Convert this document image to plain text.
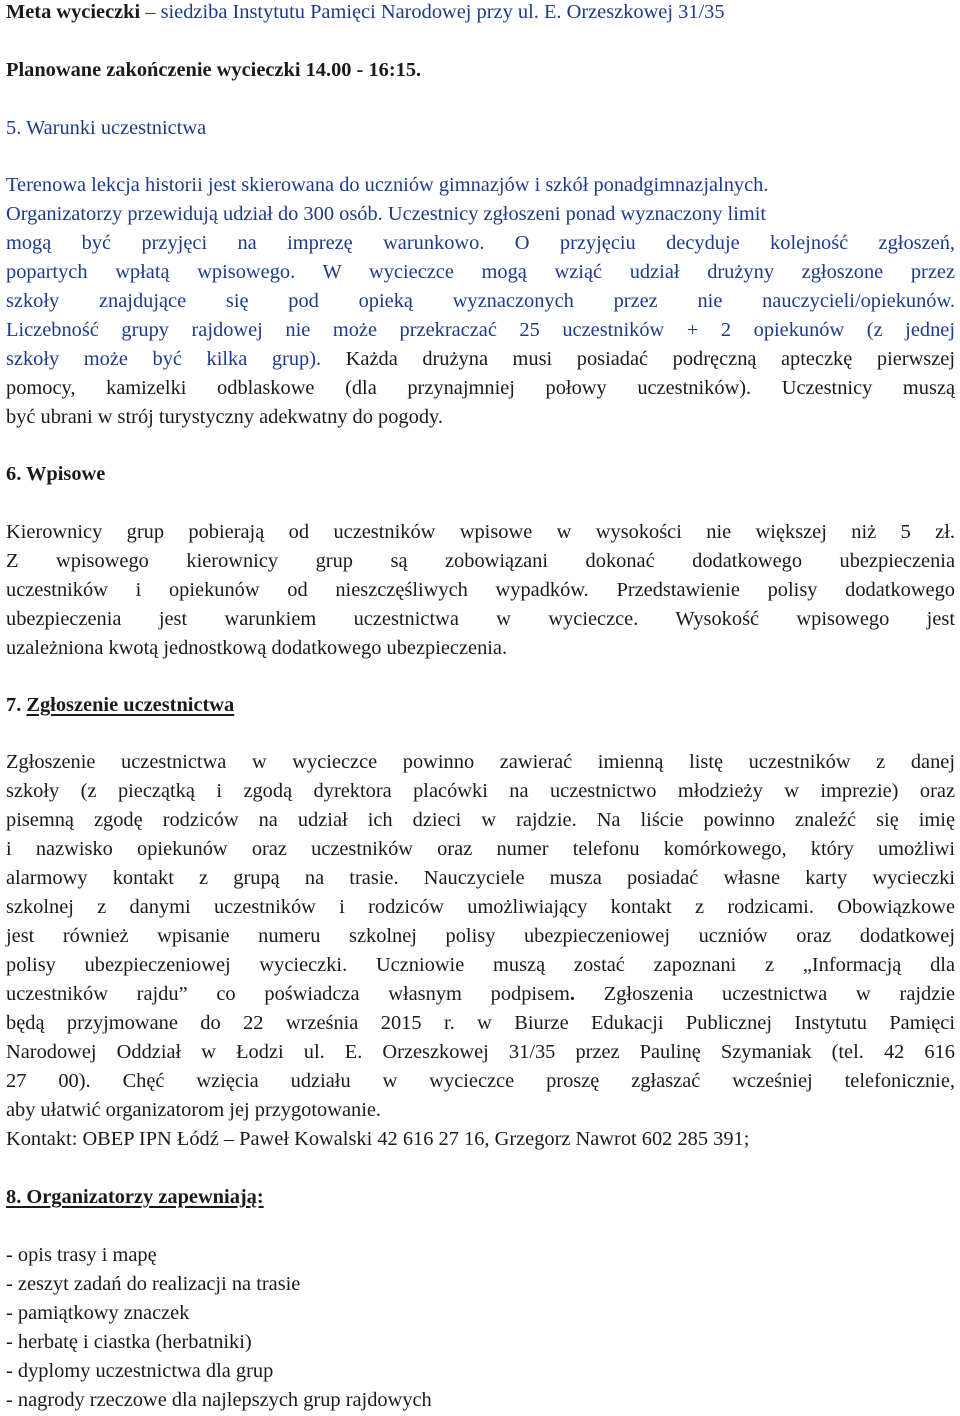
Meta wycieczki – siedziba Instytutu Pamięci Narodowej przy ul. E. Orzeszkowej 31/35
Planowane zakończenie wycieczki 14.00 - 16:15.
5. Warunki uczestnictwa
Terenowa lekcja historii jest skierowana do uczniów gimnazjów i szkół ponadgimnazjalnych.
Organizatorzy przewidują udział do 300 osób. Uczestnicy zgłoszeni ponad wyznaczony limit
mogą być przyjęci na imprezę warunkowo. O przyjęciu decyduje kolejność zgłoszeń,
popartych wpłatą wpisowego. W wycieczce mogą wziąć udział drużyny zgłoszone przez
szkoły znajdujące się pod opieką wyznaczonych przez nie nauczycieli/opiekunów.
Liczebność grupy rajdowej nie może przekraczać 25 uczestników + 2 opiekunów (z jednej
szkoły może być kilka grup). Każda drużyna musi posiadać podręczną apteczkę pierwszej
pomocy, kamizelki odblaskowe (dla przynajmniej połowy uczestników). Uczestnicy muszą
być ubrani w strój turystyczny adekwatny do pogody.
6. Wpisowe
Kierownicy grup pobierają od uczestników wpisowe w wysokości nie większej niż 5 zł.
Z wpisowego kierownicy grup są zobowiązani dokonać dodatkowego ubezpieczenia
uczestników i opiekunów od nieszczęśliwych wypadków. Przedstawienie polisy dodatkowego
ubezpieczenia jest warunkiem uczestnictwa w wycieczce. Wysokość wpisowego jest
uzależniona kwotą jednostkową dodatkowego ubezpieczenia.
7. Zgłoszenie uczestnictwa
Zgłoszenie uczestnictwa w wycieczce powinno zawierać imienną listę uczestników z danej
szkoły (z pieczątką i zgodą dyrektora placówki na uczestnictwo młodzieży w imprezie) oraz
pisemną zgodę rodziców na udział ich dzieci w rajdzie. Na liście powinno znaleźć się imię
i nazwisko opiekunów oraz uczestników oraz numer telefonu komórkowego, który umożliwi
alarmowy kontakt z grupą na trasie. Nauczyciele musza posiadać własne karty wycieczki
szkolnej z danymi uczestników i rodziców umożliwiający kontakt z rodzicami. Obowiązkowe
jest również wpisanie numeru szkolnej polisy ubezpieczeniowej uczniów oraz dodatkowej
polisy ubezpieczeniowej wycieczki. Uczniowie muszą zostać zapoznani z „Informacją dla
uczestników rajdu” co poświadcza własnym podpisem. Zgłoszenia uczestnictwa w rajdzie
będą przyjmowane do 22 września 2015 r. w Biurze Edukacji Publicznej Instytutu Pamięci
Narodowej Oddział w Łodzi ul. E. Orzeszkowej 31/35 przez Paulinę Szymaniak (tel. 42 616
27 00). Chęć wzięcia udziału w wycieczce proszę zgłaszać wcześniej telefonicznie,
aby ułatwić organizatorom jej przygotowanie.
Kontakt: OBEP IPN Łódź – Paweł Kowalski 42 616 27 16, Grzegorz Nawrot 602 285 391;
8. Organizatorzy zapewniają:
- opis trasy i mapę
- zeszyt zadań do realizacji na trasie
- pamiątkowy znaczek
- herbatę i ciastka (herbatniki)
- dyplomy uczestnictwa dla grup
- nagrody rzeczowe dla najlepszych grup rajdowych
